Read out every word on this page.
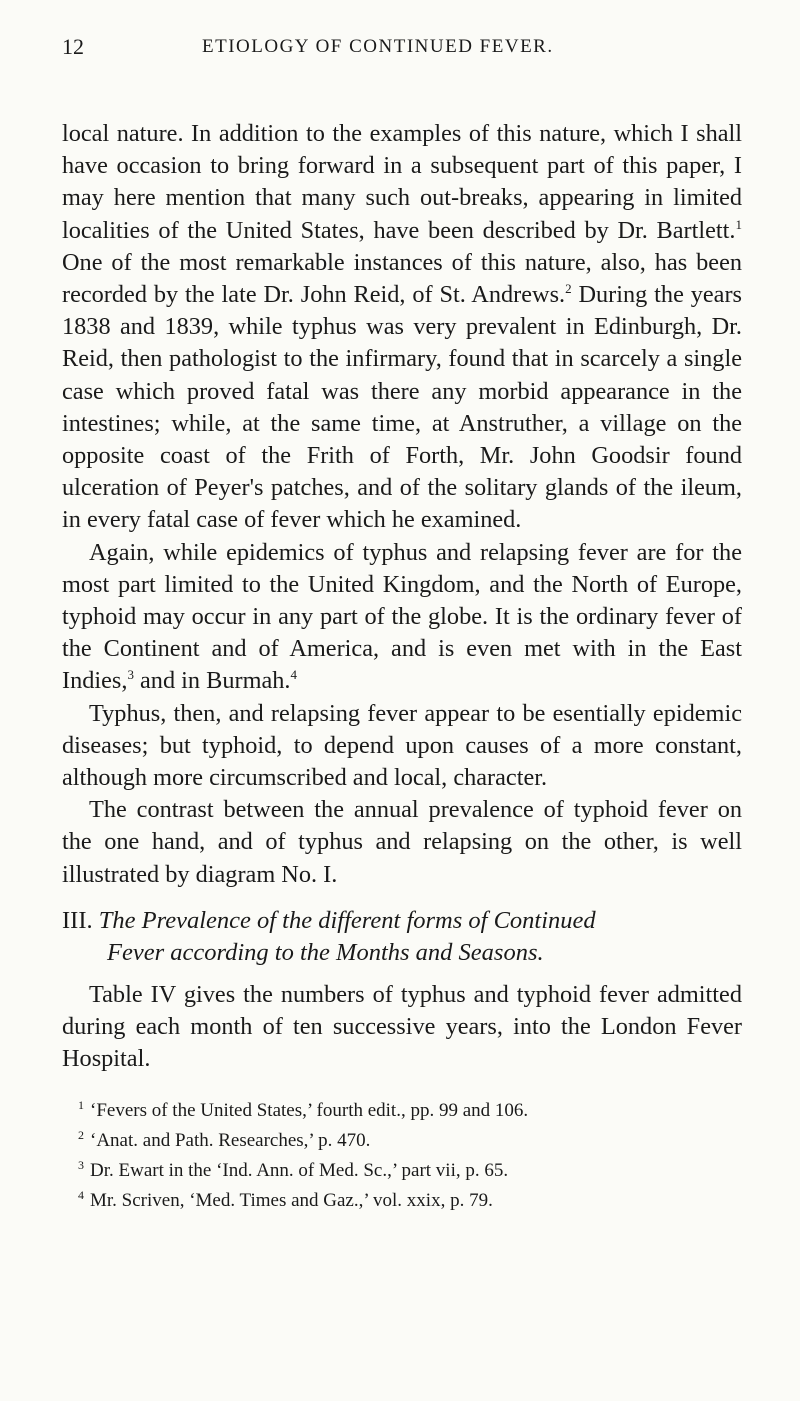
12	ETIOLOGY OF CONTINUED FEVER.

local nature. In addition to the examples of this nature, which I shall have occasion to bring forward in a subsequent part of this paper, I may here mention that many such out-breaks, appearing in limited localities of the United States, have been described by Dr. Bartlett.$^1$ One of the most remarkable instances of this nature, also, has been recorded by the late Dr. John Reid, of St. Andrews.$^2$ During the years 1838 and 1839, while typhus was very prevalent in Edinburgh, Dr. Reid, then pathologist to the infirmary, found that in scarcely a single case which proved fatal was there any morbid appearance in the intestines; while, at the same time, at Anstruther, a village on the opposite coast of the Frith of Forth, Mr. John Goodsir found ulceration of Peyer's patches, and of the solitary glands of the ileum, in every fatal case of fever which he examined.

Again, while epidemics of typhus and relapsing fever are for the most part limited to the United Kingdom, and the North of Europe, typhoid may occur in any part of the globe. It is the ordinary fever of the Continent and of America, and is even met with in the East Indies,$^3$ and in Burmah.$^4$

Typhus, then, and relapsing fever appear to be esentially epidemic diseases; but typhoid, to depend upon causes of a more constant, although more circumscribed and local, character.

The contrast between the annual prevalence of typhoid fever on the one hand, and of typhus and relapsing on the other, is well illustrated by diagram No. I.

III. The Prevalence of the different forms of Continued
Fever according to the Months and Seasons.

Table IV gives the numbers of typhus and typhoid fever admitted during each month of ten successive years, into the London Fever Hospital.

$^1$ ‘Fevers of the United States,’ fourth edit., pp. 99 and 106.
$^2$ ‘Anat. and Path. Researches,’ p. 470.
$^3$ Dr. Ewart in the ‘Ind. Ann. of Med. Sc.,’ part vii, p. 65.
$^4$ Mr. Scriven, ‘Med. Times and Gaz.,’ vol. xxix, p. 79.
